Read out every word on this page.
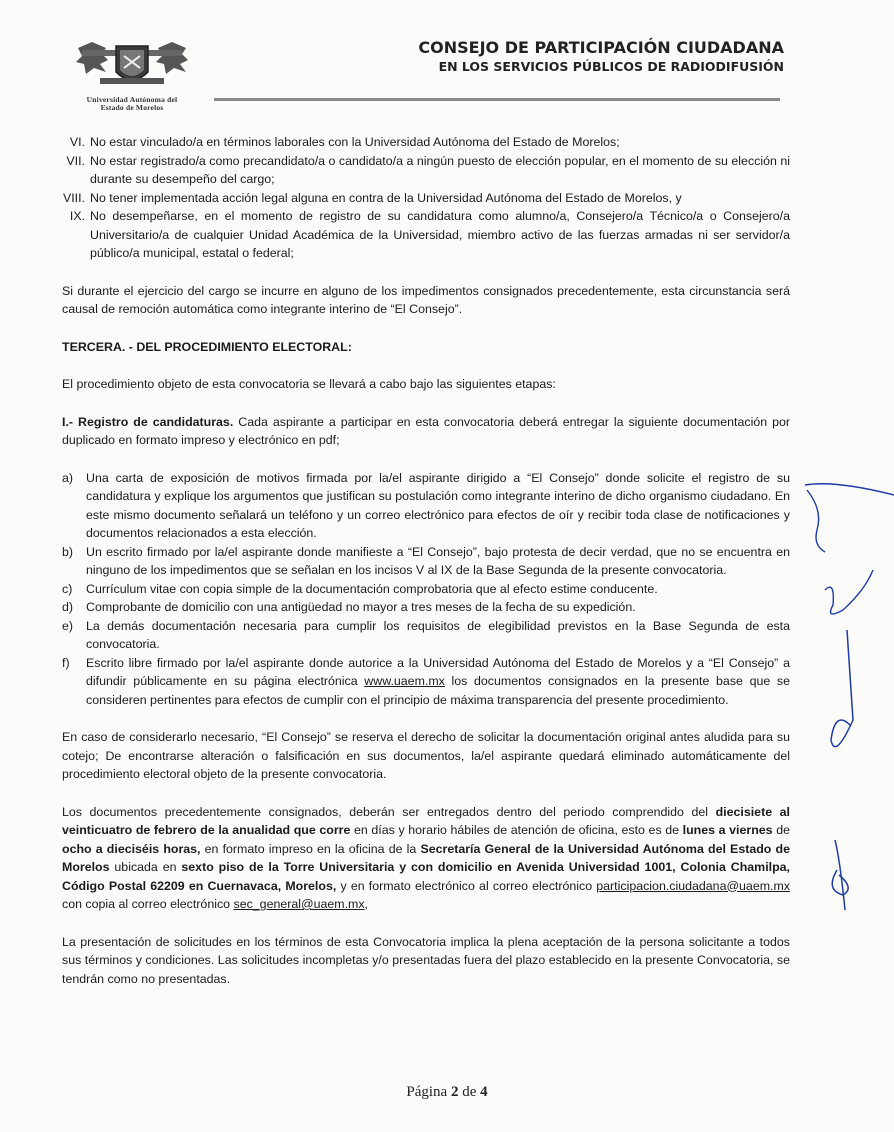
Universidad Autónoma del
Estado de Morelos
CONSEJO DE PARTICIPACIÓN CIUDADANA
EN LOS SERVICIOS PÚBLICOS DE RADIODIFUSIÓN
VI. No estar vinculado/a en términos laborales con la Universidad Autónoma del Estado de Morelos;
VII. No estar registrado/a como precandidato/a o candidato/a a ningún puesto de elección popular, en el momento de su elección ni durante su desempeño del cargo;
VIII. No tener implementada acción legal alguna en contra de la Universidad Autónoma del Estado de Morelos, y
IX. No desempeñarse, en el momento de registro de su candidatura como alumno/a, Consejero/a Técnico/a o Consejero/a Universitario/a de cualquier Unidad Académica de la Universidad, miembro activo de las fuerzas armadas ni ser servidor/a público/a municipal, estatal o federal;

Si durante el ejercicio del cargo se incurre en alguno de los impedimentos consignados precedentemente, esta circunstancia será causal de remoción automática como integrante interino de “El Consejo”.

TERCERA. - DEL PROCEDIMIENTO ELECTORAL:

El procedimiento objeto de esta convocatoria se llevará a cabo bajo las siguientes etapas:

I.- Registro de candidaturas. Cada aspirante a participar en esta convocatoria deberá entregar la siguiente documentación por duplicado en formato impreso y electrónico en pdf;

a)	Una carta de exposición de motivos firmada por la/el aspirante dirigido a “El Consejo” donde solicite el registro de su candidatura y explique los argumentos que justifican su postulación como integrante interino de dicho organismo ciudadano. En este mismo documento señalará un teléfono y un correo electrónico para efectos de oír y recibir toda clase de notificaciones y documentos relacionados a esta elección.
b)	Un escrito firmado por la/el aspirante donde manifieste a “El Consejo”, bajo protesta de decir verdad, que no se encuentra en ninguno de los impedimentos que se señalan en los incisos V al IX de la Base Segunda de la presente convocatoria.
c)	Currículum vitae con copia simple de la documentación comprobatoria que al efecto estime conducente.
d)	Comprobante de domicilio con una antigüedad no mayor a tres meses de la fecha de su expedición.
e)	La demás documentación necesaria para cumplir los requisitos de elegibilidad previstos en la Base Segunda de esta convocatoria.
f)	Escrito libre firmado por la/el aspirante donde autorice a la Universidad Autónoma del Estado de Morelos y a “El Consejo” a difundir públicamente en su página electrónica www.uaem.mx los documentos consignados en la presente base que se consideren pertinentes para efectos de cumplir con el principio de máxima transparencia del presente procedimiento.

En caso de considerarlo necesario, “El Consejo” se reserva el derecho de solicitar la documentación original antes aludida para su cotejo; De encontrarse alteración o falsificación en sus documentos, la/el aspirante quedará eliminado automáticamente del procedimiento electoral objeto de la presente convocatoria.

Los documentos precedentemente consignados, deberán ser entregados dentro del periodo comprendido del diecisiete al veinticuatro de febrero de la anualidad que corre en días y horario hábiles de atención de oficina, esto es de lunes a viernes de ocho a dieciséis horas, en formato impreso en la oficina de la Secretaría General de la Universidad Autónoma del Estado de Morelos ubicada en sexto piso de la Torre Universitaria y con domicilio en Avenida Universidad 1001, Colonia Chamilpa, Código Postal 62209 en Cuernavaca, Morelos, y en formato electrónico al correo electrónico participacion.ciudadana@uaem.mx con copia al correo electrónico sec_general@uaem.mx,

La presentación de solicitudes en los términos de esta Convocatoria implica la plena aceptación de la persona solicitante a todos sus términos y condiciones. Las solicitudes incompletas y/o presentadas fuera del plazo establecido en la presente Convocatoria, se tendrán como no presentadas.

Página 2 de 4
